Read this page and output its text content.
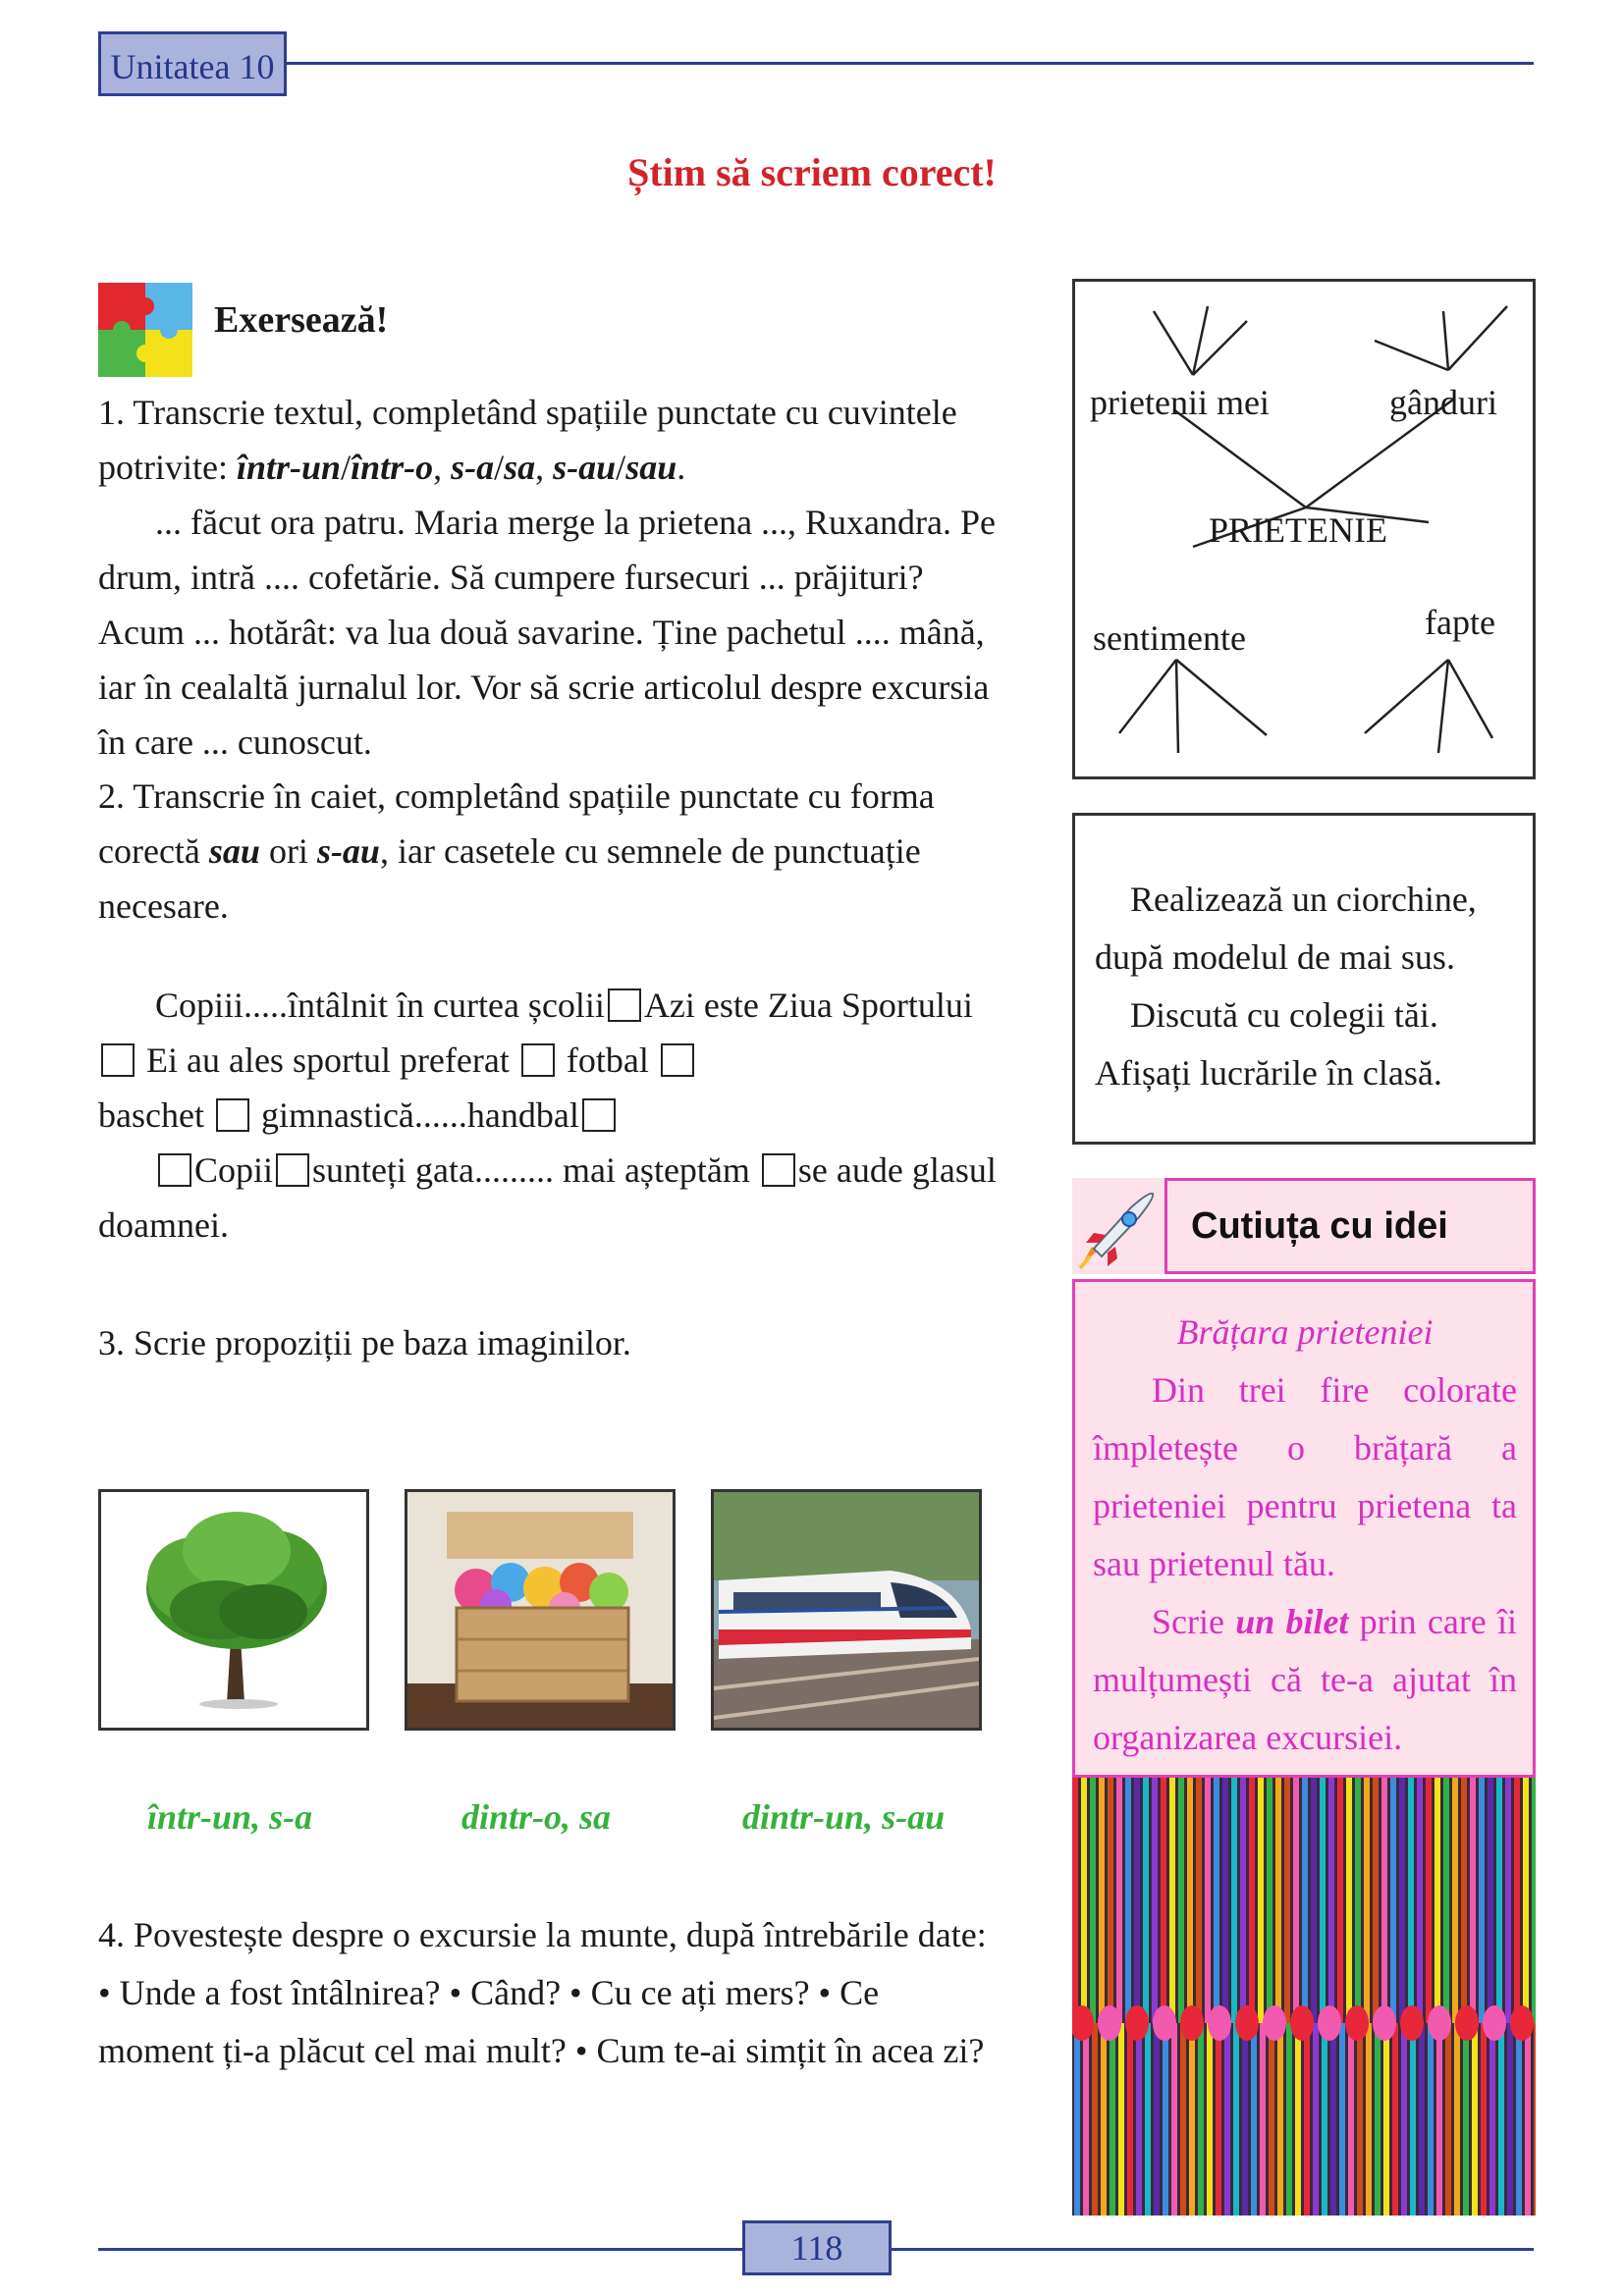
Unitatea 10
Știm să scriem corect!
Exersează!
1. Transcrie textul, completând spațiile punctate cu cuvintele potrivite: într-un/într-o, s-a/sa, s-au/sau.
... făcut ora patru. Maria merge la prietena ..., Ruxandra. Pe drum, intră .... cofetărie. Să cumpere fursecuri ... prăjituri? Acum ... hotărât: va lua două savarine. Ține pachetul .... mână, iar în cealaltă jurnalul lor. Vor să scrie articolul despre excursia în care ... cunoscut.
2. Transcrie în caiet, completând spațiile punctate cu forma corectă sau ori s-au, iar casetele cu semnele de punctuație necesare.
Copiii.....întâlnit în curtea școlii Azi este Ziua Sportului  Ei au ales sportul preferat fotbal
baschet gimnastică......handbal
Copii sunteți gata......... mai așteptăm se aude glasul doamnei.
3. Scrie propoziții pe baza imaginilor.
într-un, s-a	dintr-o, sa	dintr-un, s-au
4. Povestește despre o excursie la munte, după întrebările date:
• Unde a fost întâlnirea? • Când? • Cu ce ați mers? • Ce moment ți-a plăcut cel mai mult? • Cum te-ai simțit în acea zi?
prietenii mei	gânduri
PRIETENIE
sentimente	fapte
Realizează un ciorchine,
după modelul de mai sus.
Discută cu colegii tăi.
Afișați lucrările în clasă.
Cutiuța cu idei
Brățara prieteniei
Din trei fire colorate împletește o brățară a prieteniei pentru prietena ta sau prietenul tău.
Scrie un bilet prin care îi mulțumești că te-a ajutat în organizarea excursiei.
118
